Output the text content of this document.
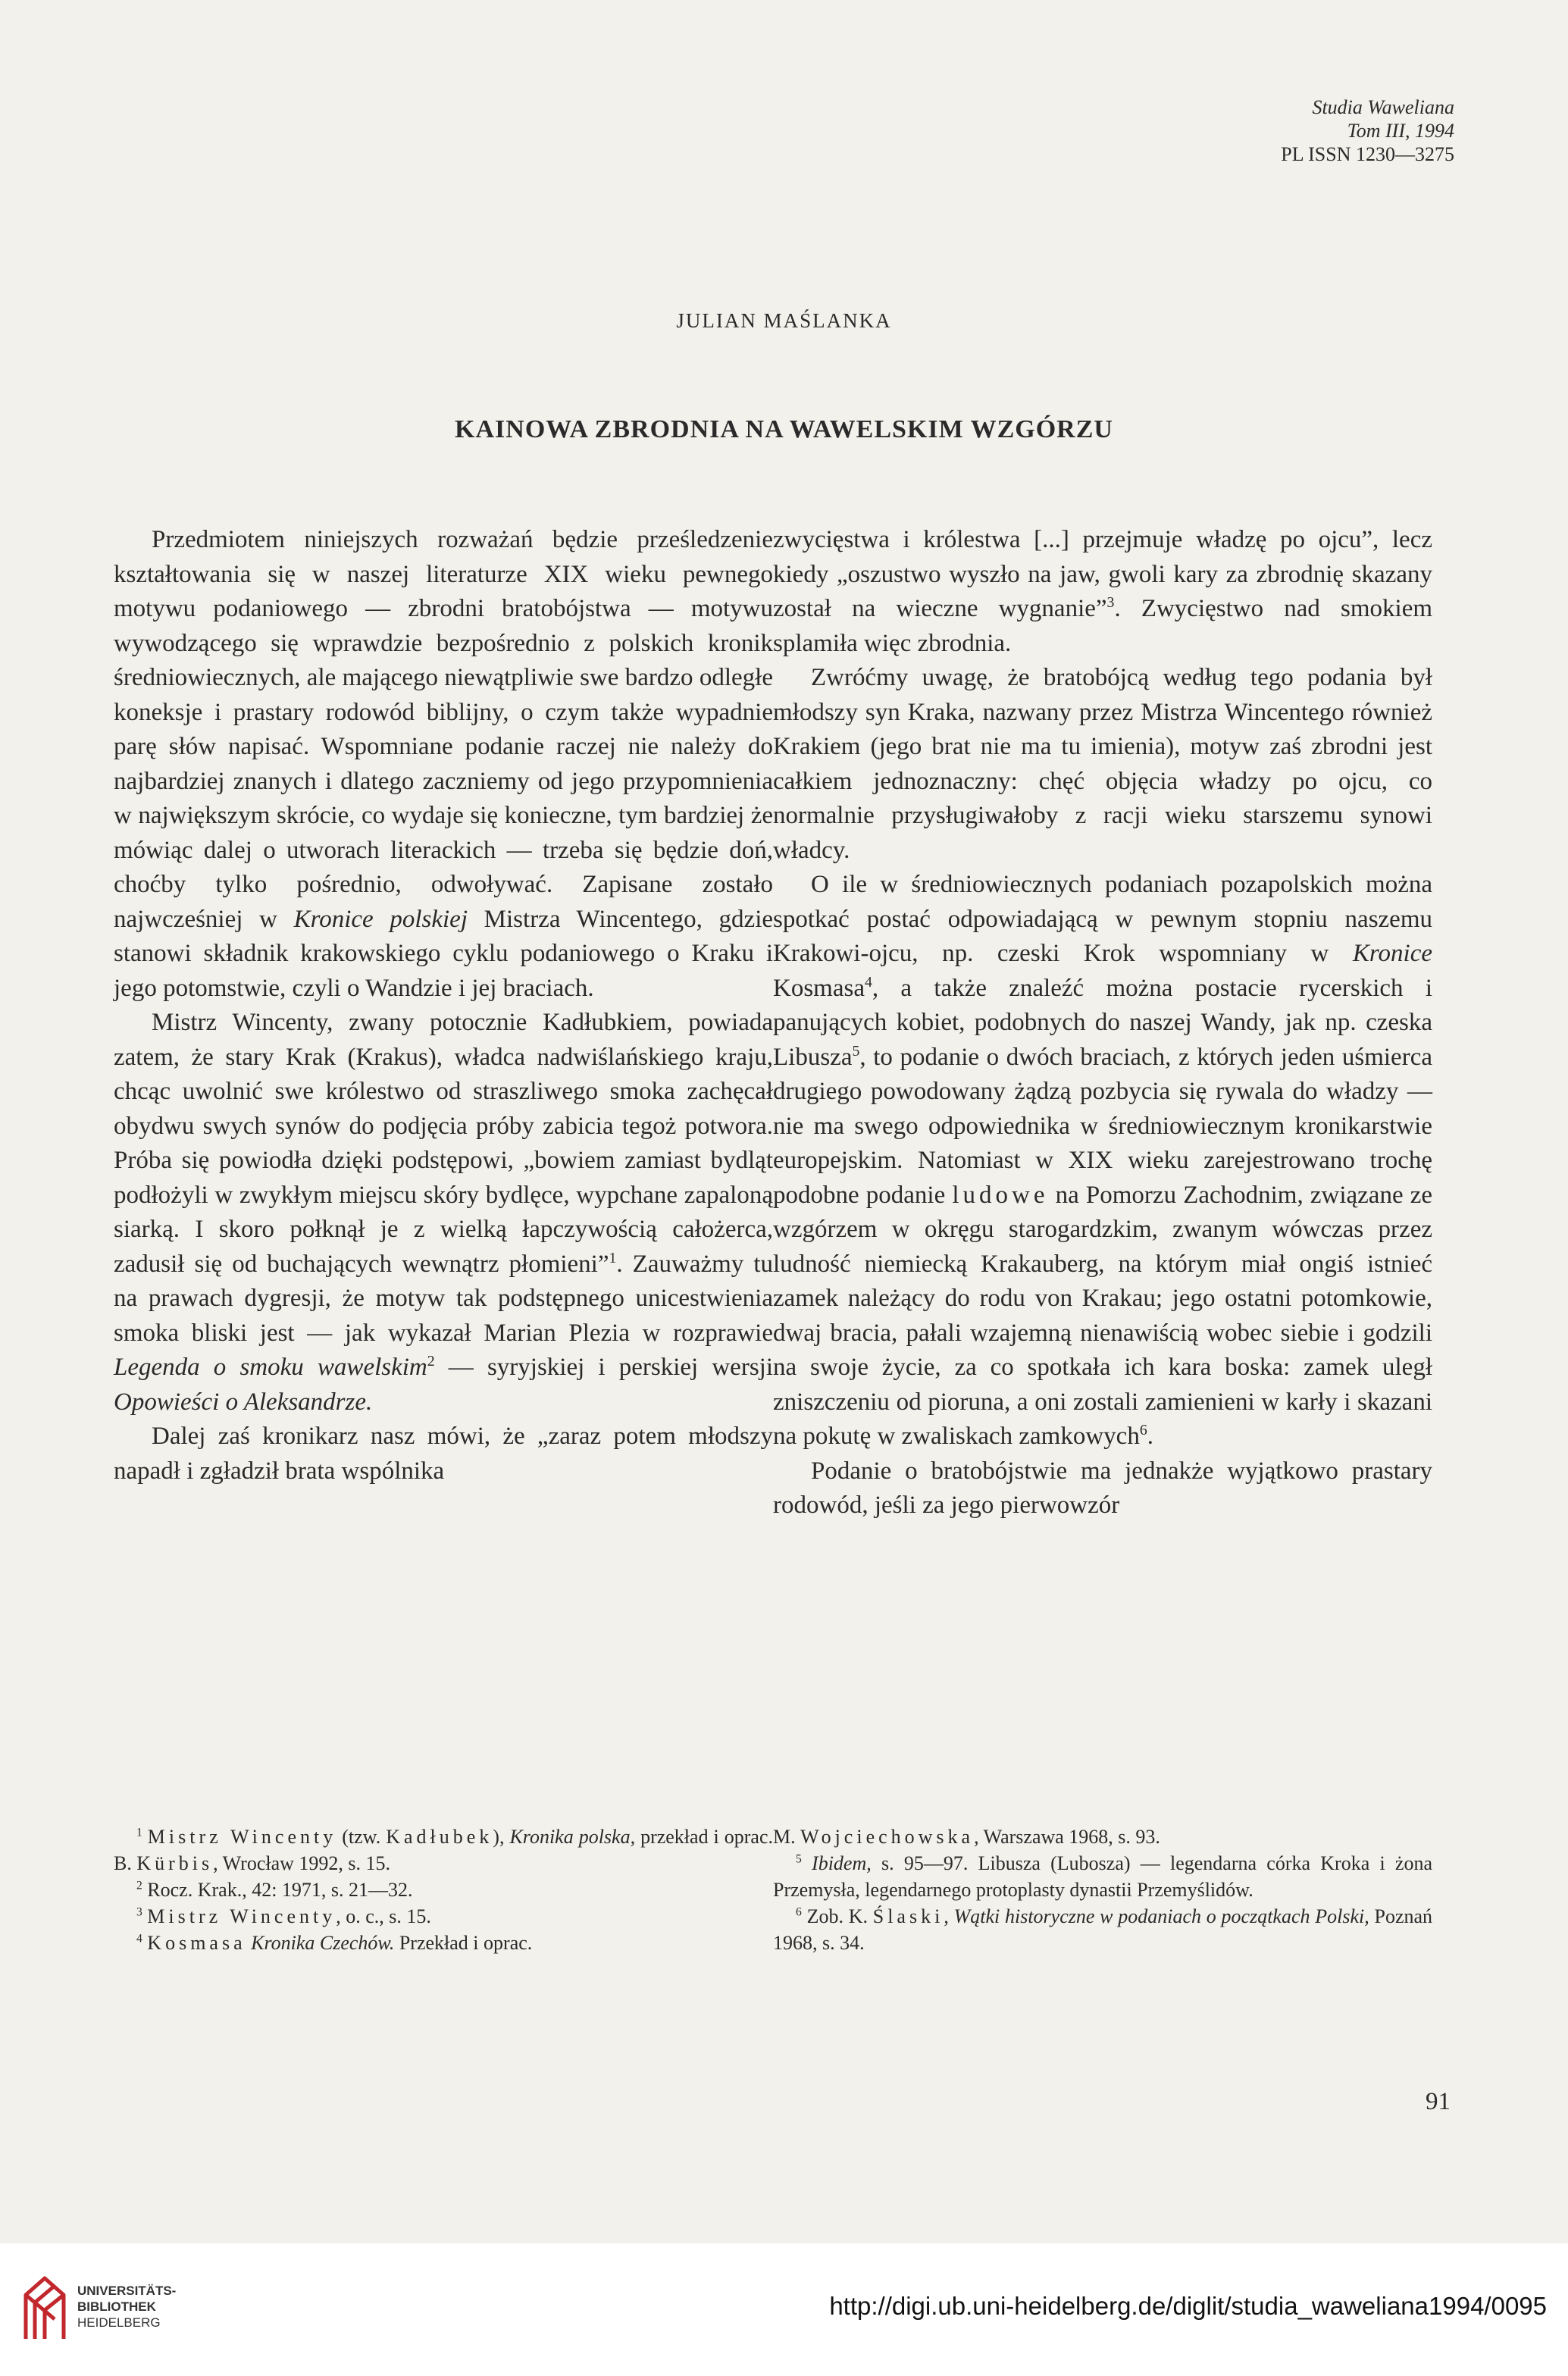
Studia Waweliana
Tom III, 1994
PL ISSN 1230—3275
JULIAN MAŚLANKA
KAINOWA ZBRODNIA NA WAWELSKIM WZGÓRZU

Przedmiotem niniejszych rozważań będzie prześledzenie kształtowania się w naszej literaturze XIX wieku pewnego motywu podaniowego — zbrodni bratobójstwa — motywu wywodzącego się wprawdzie bezpośrednio z polskich kronik średniowiecznych, ale mającego niewątpliwie swe bardzo odległe koneksje i prastary rodowód biblijny, o czym także wypadnie parę słów napisać. Wspomniane podanie raczej nie należy do najbardziej znanych i dlatego zaczniemy od jego przypomnienia w największym skrócie, co wydaje się konieczne, tym bardziej że mówiąc dalej o utworach literackich — trzeba się będzie doń, choćby tylko pośrednio, odwoływać. Zapisane zostało najwcześniej w Kronice polskiej Mistrza Wincentego, gdzie stanowi składnik krakowskiego cyklu podaniowego o Kraku i jego potomstwie, czyli o Wandzie i jej braciach.

Mistrz Wincenty, zwany potocznie Kadłubkiem, powiada zatem, że stary Krak (Krakus), władca nadwiślańskiego kraju, chcąc uwolnić swe królestwo od straszliwego smoka zachęcał obydwu swych synów do podjęcia próby zabicia tegoż potwora. Próba się powiodła dzięki podstępowi, „bowiem zamiast bydląt podłożyli w zwykłym miejscu skóry bydlęce, wypchane zapaloną siarką. I skoro połknął je z wielką łapczywością całożerca, zadusił się od buchających wewnątrz płomieni”$^1$. Zauważmy tu na prawach dygresji, że motyw tak podstępnego unicestwienia smoka bliski jest — jak wykazał Marian Plezia w rozprawie Legenda o smoku wawelskim$^2$ — syryjskiej i perskiej wersji Opowieści o Aleksandrze.

Dalej zaś kronikarz nasz mówi, że „zaraz potem młodszy napadł i zgładził brata wspólnika

zwycięstwa i królestwa [...] przejmuje władzę po ojcu”, lecz kiedy „oszustwo wyszło na jaw, gwoli kary za zbrodnię skazany został na wieczne wygnanie”$^3$. Zwycięstwo nad smokiem splamiła więc zbrodnia.

Zwróćmy uwagę, że bratobójcą według tego podania był młodszy syn Kraka, nazwany przez Mistrza Wincentego również Krakiem (jego brat nie ma tu imienia), motyw zaś zbrodni jest całkiem jednoznaczny: chęć objęcia władzy po ojcu, co normalnie przysługiwałoby z racji wieku starszemu synowi władcy.

O ile w średniowiecznych podaniach pozapolskich można spotkać postać odpowiadającą w pewnym stopniu naszemu Krakowi-ojcu, np. czeski Krok wspomniany w Kronice Kosmasa$^4$, a także znaleźć można postacie rycerskich i panujących kobiet, podobnych do naszej Wandy, jak np. czeska Libusza$^5$, to podanie o dwóch braciach, z których jeden uśmierca drugiego powodowany żądzą pozbycia się rywala do władzy — nie ma swego odpowiednika w średniowiecznym kronikarstwie europejskim. Natomiast w XIX wieku zarejestrowano trochę podobne podanie ludowe na Pomorzu Zachodnim, związane ze wzgórzem w okręgu starogardzkim, zwanym wówczas przez ludność niemiecką Krakauberg, na którym miał ongiś istnieć zamek należący do rodu von Krakau; jego ostatni potomkowie, dwaj bracia, pałali wzajemną nienawiścią wobec siebie i godzili na swoje życie, za co spotkała ich kara boska: zamek uległ zniszczeniu od pioruna, a oni zostali zamienieni w karły i skazani na pokutę w zwaliskach zamkowych$^6$.

Podanie o bratobójstwie ma jednakże wyjątkowo prastary rodowód, jeśli za jego pierwowzór

$^1$ Mistrz Wincenty (tzw. Kadłubek), Kronika polska, przekład i oprac. B. Kürbis, Wrocław 1992, s. 15.

$^2$ Rocz. Krak., 42: 1971, s. 21—32.

$^3$ Mistrz Wincenty, o. c., s. 15.

$^4$ Kosmasa Kronika Czechów. Przekład i oprac.

M. Wojciechowska, Warszawa 1968, s. 93.

$^5$ Ibidem, s. 95—97. Libusza (Lubosza) — legendarna córka Kroka i żona Przemysła, legendarnego protoplasty dynastii Przemyślidów.

$^6$ Zob. K. Ślaski, Wątki historyczne w podaniach o początkach Polski, Poznań 1968, s. 34.

91
UNIVERSITÄTS-
BIBLIOTHEK
HEIDELBERG
http://digi.ub.uni-heidelberg.de/diglit/studia_waweliana1994/0095
